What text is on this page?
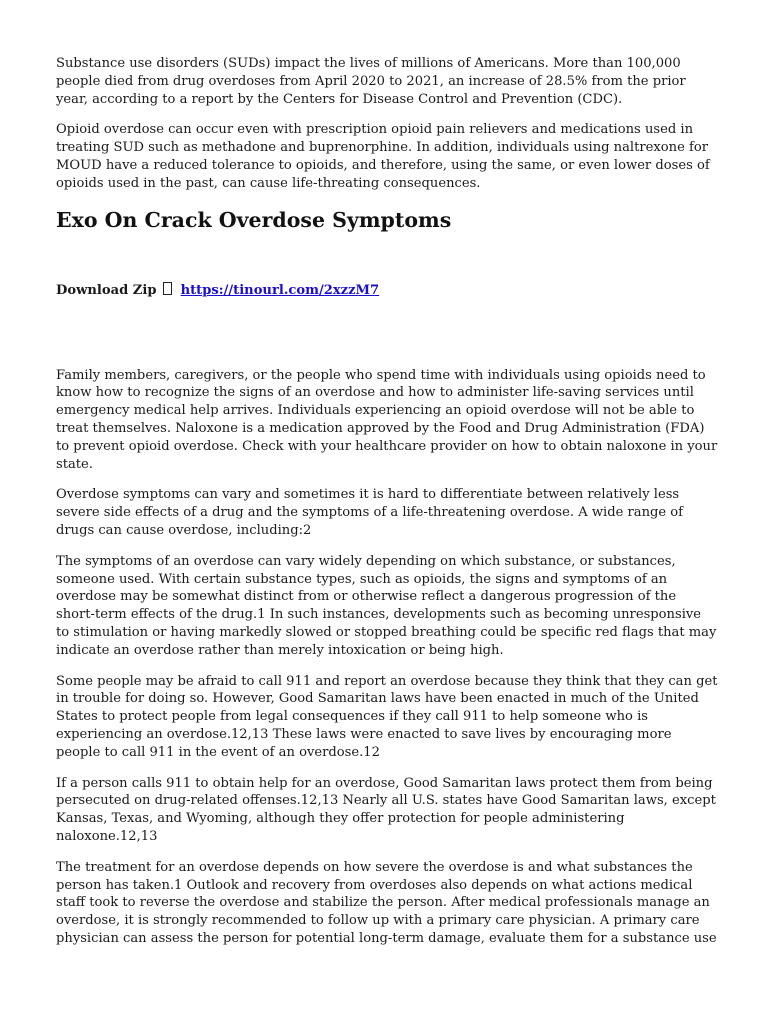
Substance use disorders (SUDs) impact the lives of millions of Americans. More than 100,000 people died from drug overdoses from April 2020 to 2021, an increase of 28.5% from the prior year, according to a report by the Centers for Disease Control and Prevention (CDC).

Opioid overdose can occur even with prescription opioid pain relievers and medications used in treating SUD such as methadone and buprenorphine. In addition, individuals using naltrexone for MOUD have a reduced tolerance to opioids, and therefore, using the same, or even lower doses of opioids used in the past, can cause life-threating consequences.

Exo On Crack Overdose Symptoms
Download Zip https://tinourl.com/2xzzM7

Family members, caregivers, or the people who spend time with individuals using opioids need to know how to recognize the signs of an overdose and how to administer life-saving services until emergency medical help arrives. Individuals experiencing an opioid overdose will not be able to treat themselves. Naloxone is a medication approved by the Food and Drug Administration (FDA) to prevent opioid overdose. Check with your healthcare provider on how to obtain naloxone in your state.

Overdose symptoms can vary and sometimes it is hard to differentiate between relatively less severe side effects of a drug and the symptoms of a life-threatening overdose. A wide range of drugs can cause overdose, including:2

The symptoms of an overdose can vary widely depending on which substance, or substances, someone used. With certain substance types, such as opioids, the signs and symptoms of an overdose may be somewhat distinct from or otherwise reflect a dangerous progression of the short-term effects of the drug.1 In such instances, developments such as becoming unresponsive to stimulation or having markedly slowed or stopped breathing could be specific red flags that may indicate an overdose rather than merely intoxication or being high.

Some people may be afraid to call 911 and report an overdose because they think that they can get in trouble for doing so. However, Good Samaritan laws have been enacted in much of the United States to protect people from legal consequences if they call 911 to help someone who is experiencing an overdose.12,13 These laws were enacted to save lives by encouraging more people to call 911 in the event of an overdose.12

If a person calls 911 to obtain help for an overdose, Good Samaritan laws protect them from being persecuted on drug-related offenses.12,13 Nearly all U.S. states have Good Samaritan laws, except Kansas, Texas, and Wyoming, although they offer protection for people administering naloxone.12,13

The treatment for an overdose depends on how severe the overdose is and what substances the person has taken.1 Outlook and recovery from overdoses also depends on what actions medical staff took to reverse the overdose and stabilize the person. After medical professionals manage an overdose, it is strongly recommended to follow up with a primary care physician. A primary care physician can assess the person for potential long-term damage, evaluate them for a substance use
